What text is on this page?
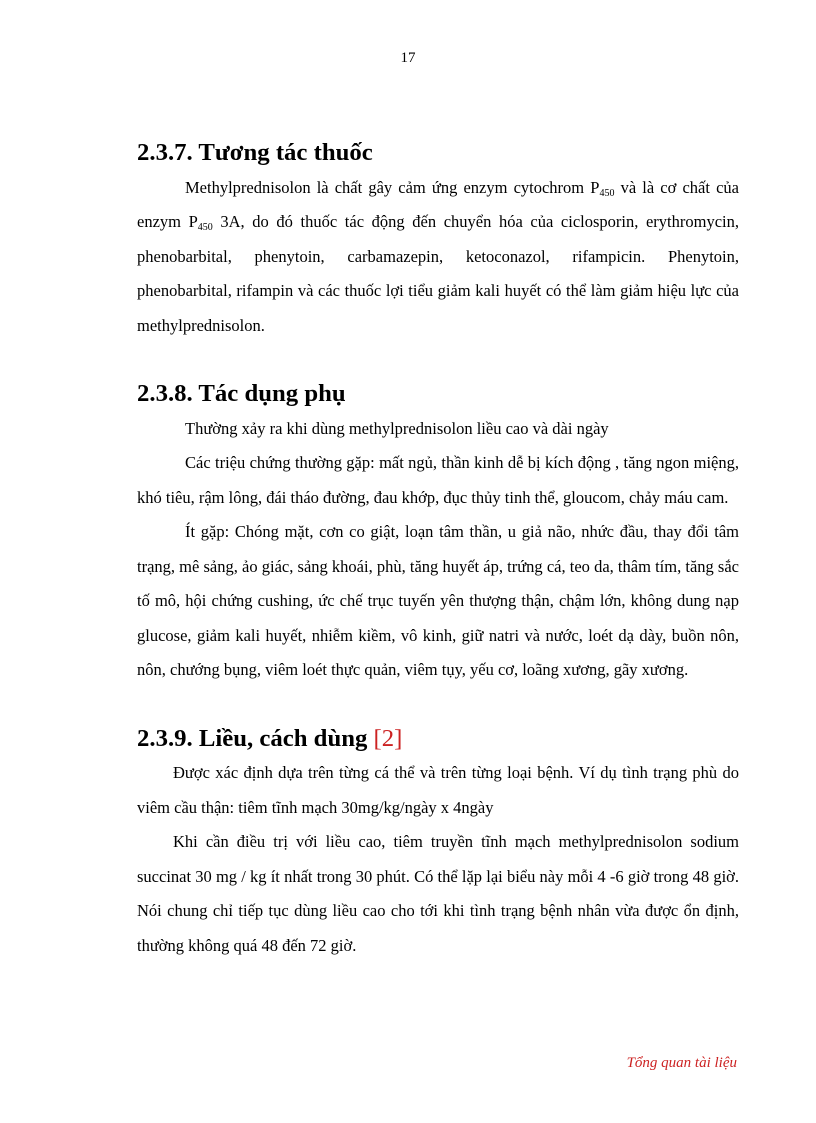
17
2.3.7. Tương tác thuốc

Methylprednisolon là chất gây cảm ứng enzym cytochrom $P_{450}$ và là cơ chất của enzym $P_{450}$ 3A, do đó thuốc tác động đến chuyển hóa của ciclosporin, erythromycin, phenobarbital, phenytoin, carbamazepin, ketoconazol, rifampicin. Phenytoin, phenobarbital, rifampin và các thuốc lợi tiểu giảm kali huyết có thể làm giảm hiệu lực của methylprednisolon.

2.3.8. Tác dụng phụ

Thường xảy ra khi dùng methylprednisolon liều cao và dài ngày

Các triệu chứng thường gặp: mất ngủ, thần kinh dễ bị kích động , tăng ngon miệng, khó tiêu, rậm lông, đái tháo đường, đau khớp, đục thủy tinh thể, gloucom, chảy máu cam.

Ít gặp: Chóng mặt, cơn co giật, loạn tâm thần, u giả não, nhức đầu, thay đổi tâm trạng, mê sảng, ảo giác, sảng khoái, phù, tăng huyết áp, trứng cá, teo da, thâm tím, tăng sắc tố mô, hội chứng cushing, ức chế trục tuyến yên thượng thận, chậm lớn, không dung nạp glucose, giảm kali huyết, nhiễm kiềm, vô kinh, giữ natri và nước, loét dạ dày, buồn nôn, nôn, chướng bụng, viêm loét thực quản, viêm tụy, yếu cơ, loãng xương, gãy xương.

2.3.9. Liều, cách dùng [2]

Được xác định dựa trên từng cá thể và trên từng loại bệnh. Ví dụ tình trạng phù do viêm cầu thận: tiêm tĩnh mạch 30mg/kg/ngày x 4ngày

Khi cần điều trị với liều cao, tiêm truyền tĩnh mạch methylprednisolon sodium succinat 30 mg / kg ít nhất trong 30 phút. Có thể lặp lại biểu này mỗi 4 -6 giờ trong 48 giờ. Nói chung chỉ tiếp tục dùng liều cao cho tới khi tình trạng bệnh nhân vừa được ổn định, thường không quá 48 đến 72 giờ.

Tổng quan tài liệu
